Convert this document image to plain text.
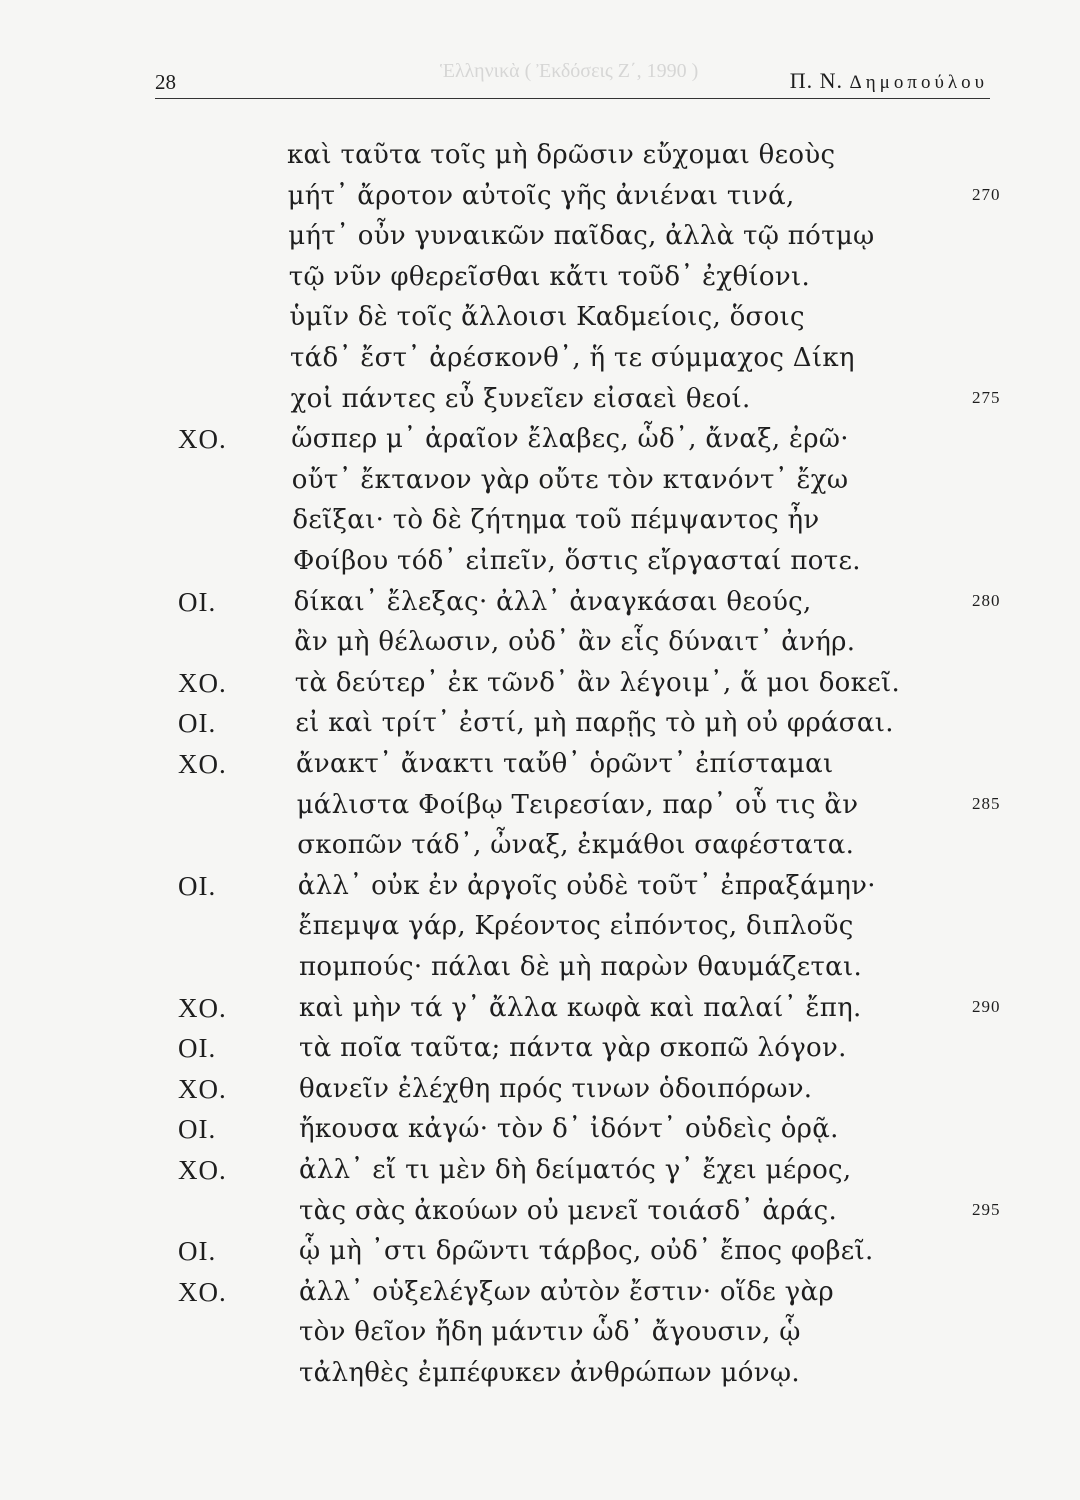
28	Π. Ν. Δημοπούλου
Ἑλληνικὰ ( Ἐκδόσεις Ζ΄, 1990 )
καὶ ταῦτα τοῖς μὴ δρῶσιν εὔχομαι θεοὺς
μήτ᾽ ἄροτον αὐτοῖς γῆς ἀνιέναι τινά,	270
μήτ᾽ οὖν γυναικῶν παῖδας, ἀλλὰ τῷ πότμῳ
τῷ νῦν φθερεῖσθαι κἄτι τοῦδ᾽ ἐχθίονι.
ὑμῖν δὲ τοῖς ἄλλοισι Καδμείοις, ὅσοις
τάδ᾽ ἔστ᾽ ἀρέσκονθ᾽, ἥ τε σύμμαχος Δίκη
χοἰ πάντες εὖ ξυνεῖεν εἰσαεὶ θεοί.	275
ΧΟ. ὥσπερ μ᾽ ἀραῖον ἔλαβες, ὧδ᾽, ἄναξ, ἐρῶ·
οὔτ᾽ ἔκτανον γὰρ οὔτε τὸν κτανόντ᾽ ἔχω
δεῖξαι· τὸ δὲ ζήτημα τοῦ πέμψαντος ἦν
Φοίβου τόδ᾽ εἰπεῖν, ὅστις εἴργασταί ποτε.
ΟΙ.	δίκαι᾽ ἔλεξας· ἀλλ᾽ ἀναγκάσαι θεούς,	280
ἂν μὴ θέλωσιν, οὐδ᾽ ἂν εἷς δύναιτ᾽ ἀνήρ.
ΧΟ.	τὰ δεύτερ᾽ ἐκ τῶνδ᾽ ἂν λέγοιμ᾽, ἅ μοι δοκεῖ.
ΟΙ.	εἰ καὶ τρίτ᾽ ἐστί, μὴ παρῇς τὸ μὴ οὐ φράσαι.
ΧΟ.	ἄνακτ᾽ ἄνακτι ταὔθ᾽ ὁρῶντ᾽ ἐπίσταμαι
μάλιστα Φοίβῳ Τειρεσίαν, παρ᾽ οὗ τις ἂν	285
σκοπῶν τάδ᾽, ὦναξ, ἐκμάθοι σαφέστατα.
ΟΙ.	ἀλλ᾽ οὐκ ἐν ἀργοῖς οὐδὲ τοῦτ᾽ ἐπραξάμην·
ἔπεμψα γάρ, Κρέοντος εἰπόντος, διπλοῦς
πομπούς· πάλαι δὲ μὴ παρὼν θαυμάζεται.
ΧΟ.	καὶ μὴν τά γ᾽ ἄλλα κωφὰ καὶ παλαί᾽ ἔπη.	290
ΟΙ.	τὰ ποῖα ταῦτα; πάντα γὰρ σκοπῶ λόγον.
ΧΟ.	θανεῖν ἐλέχθη πρός τινων ὁδοιπόρων.
ΟΙ.	ἤκουσα κἀγώ· τὸν δ᾽ ἰδόντ᾽ οὐδεὶς ὁρᾷ.
ΧΟ.	ἀλλ᾽ εἴ τι μὲν δὴ δείματός γ᾽ ἔχει μέρος,
τὰς σὰς ἀκούων οὐ μενεῖ τοιάσδ᾽ ἀράς.	295
ΟΙ.	ᾧ μὴ ᾽στι δρῶντι τάρβος, οὐδ᾽ ἔπος φοβεῖ.
ΧΟ.	ἀλλ᾽ οὑξελέγξων αὐτὸν ἔστιν· οἵδε γὰρ
τὸν θεῖον ἤδη μάντιν ὧδ᾽ ἄγουσιν, ᾧ
τἀληθὲς ἐμπέφυκεν ἀνθρώπων μόνῳ.
